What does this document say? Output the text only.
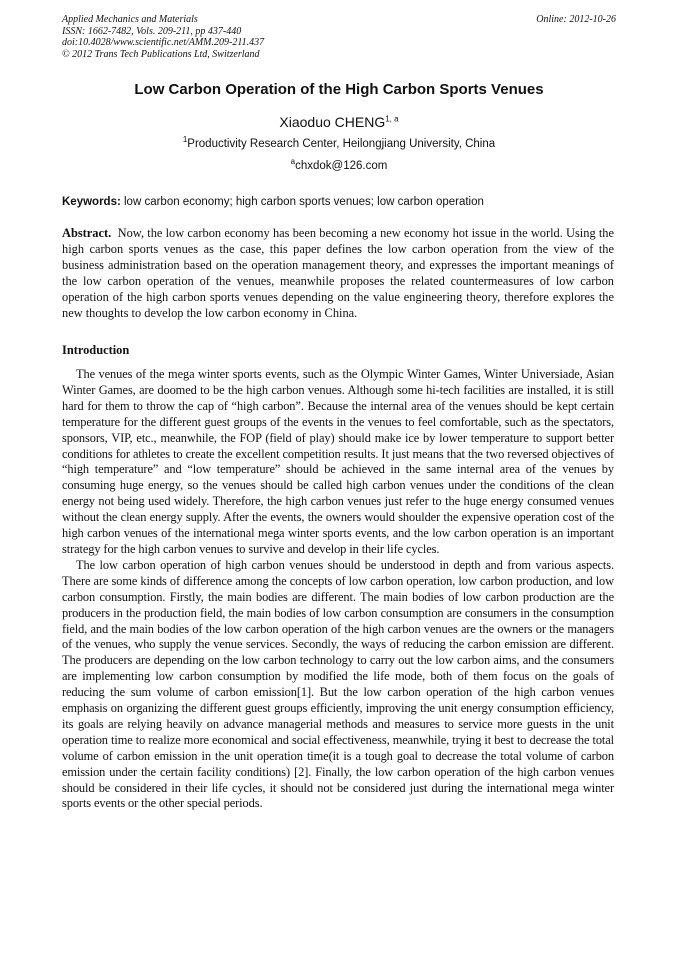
Applied Mechanics and Materials
ISSN: 1662-7482, Vols. 209-211, pp 437-440
doi:10.4028/www.scientific.net/AMM.209-211.437
© 2012 Trans Tech Publications Ltd, Switzerland
Online: 2012-10-26
Low Carbon Operation of the High Carbon Sports Venues
Xiaoduo CHENG$^{1, a}$
$^1$Productivity Research Center, Heilongjiang University, China
$^a$chxdok@126.com
Keywords: low carbon economy; high carbon sports venues; low carbon operation
Abstract. Now, the low carbon economy has been becoming a new economy hot issue in the world. Using the high carbon sports venues as the case, this paper defines the low carbon operation from the view of the business administration based on the operation management theory, and expresses the important meanings of the low carbon operation of the venues, meanwhile proposes the related countermeasures of low carbon operation of the high carbon sports venues depending on the value engineering theory, therefore explores the new thoughts to develop the low carbon economy in China.
Introduction

The venues of the mega winter sports events, such as the Olympic Winter Games, Winter Universiade, Asian Winter Games, are doomed to be the high carbon venues. Although some hi-tech facilities are installed, it is still hard for them to throw the cap of “high carbon”. Because the internal area of the venues should be kept certain temperature for the different guest groups of the events in the venues to feel comfortable, such as the spectators, sponsors, VIP, etc., meanwhile, the FOP (field of play) should make ice by lower temperature to support better conditions for athletes to create the excellent competition results. It just means that the two reversed objectives of “high temperature” and “low temperature” should be achieved in the same internal area of the venues by consuming huge energy, so the venues should be called high carbon venues under the conditions of the clean energy not being used widely. Therefore, the high carbon venues just refer to the huge energy consumed venues without the clean energy supply. After the events, the owners would shoulder the expensive operation cost of the high carbon venues of the international mega winter sports events, and the low carbon operation is an important strategy for the high carbon venues to survive and develop in their life cycles.

The low carbon operation of high carbon venues should be understood in depth and from various aspects. There are some kinds of difference among the concepts of low carbon operation, low carbon production, and low carbon consumption. Firstly, the main bodies are different. The main bodies of low carbon production are the producers in the production field, the main bodies of low carbon consumption are consumers in the consumption field, and the main bodies of the low carbon operation of the high carbon venues are the owners or the managers of the venues, who supply the venue services. Secondly, the ways of reducing the carbon emission are different. The producers are depending on the low carbon technology to carry out the low carbon aims, and the consumers are implementing low carbon consumption by modified the life mode, both of them focus on the goals of reducing the sum volume of carbon emission[1]. But the low carbon operation of the high carbon venues emphasis on organizing the different guest groups efficiently, improving the unit energy consumption efficiency, its goals are relying heavily on advance managerial methods and measures to service more guests in the unit operation time to realize more economical and social effectiveness, meanwhile, trying it best to decrease the total volume of carbon emission in the unit operation time(it is a tough goal to decrease the total volume of carbon emission under the certain facility conditions) [2]. Finally, the low carbon operation of the high carbon venues should be considered in their life cycles, it should not be considered just during the international mega winter sports events or the other special periods.
